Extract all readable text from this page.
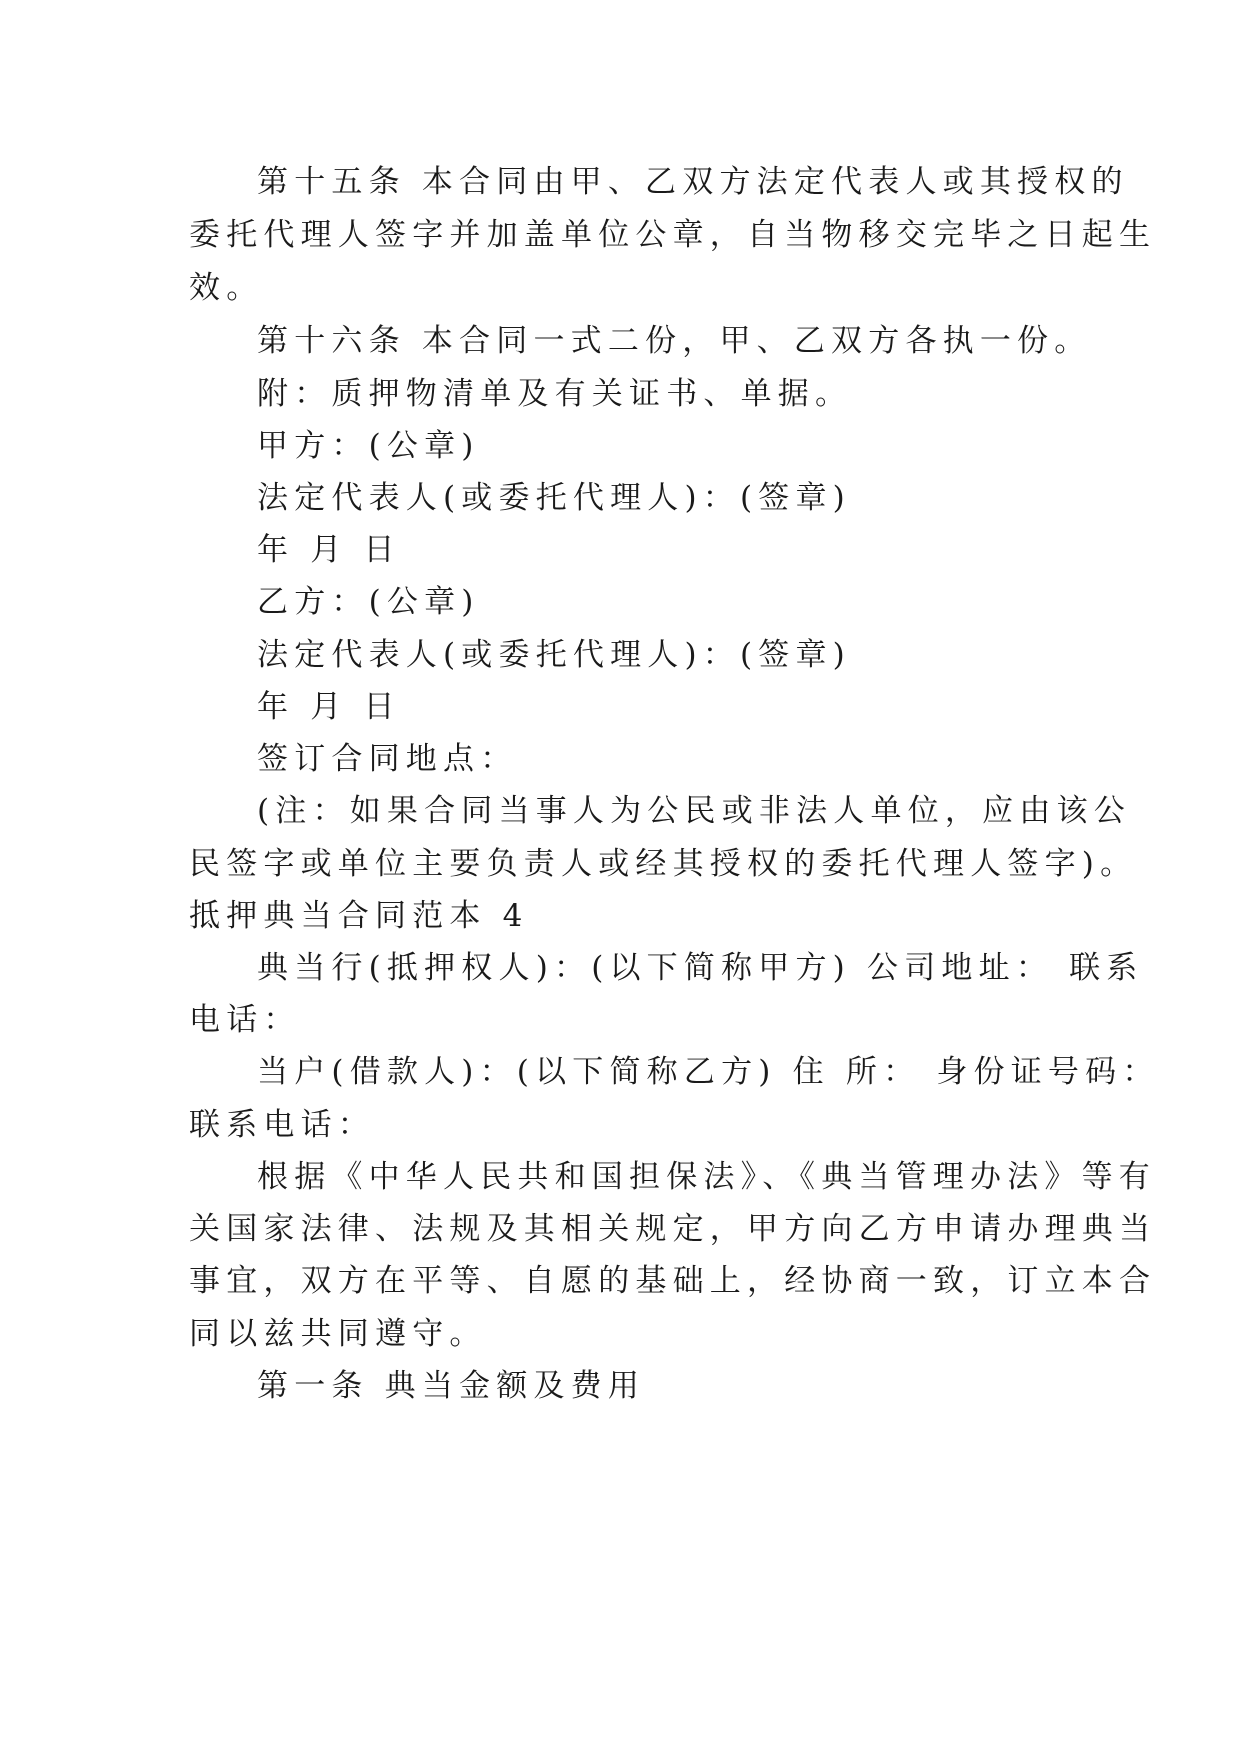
第十五条 本合同由甲、乙双方法定代表人或其授权的
委托代理人签字并加盖单位公章，自当物移交完毕之日起生
效。
第十六条 本合同一式二份，甲、乙双方各执一份。
附：质押物清单及有关证书、单据。
甲方：(公章)
法定代表人(或委托代理人)：(签章)
年 月 日
乙方：(公章)
法定代表人(或委托代理人)：(签章)
年 月 日
签订合同地点：
(注：如果合同当事人为公民或非法人单位，应由该公
民签字或单位主要负责人或经其授权的委托代理人签字)。
抵押典当合同范本 4
典当行(抵押权人)：(以下简称甲方) 公司地址： 联系
电话：
当户(借款人)：(以下简称乙方) 住 所： 身份证号码：
联系电话：
根据《中华人民共和国担保法》、《典当管理办法》等有
关国家法律、法规及其相关规定，甲方向乙方申请办理典当
事宜，双方在平等、自愿的基础上，经协商一致，订立本合
同以兹共同遵守。
第一条 典当金额及费用
